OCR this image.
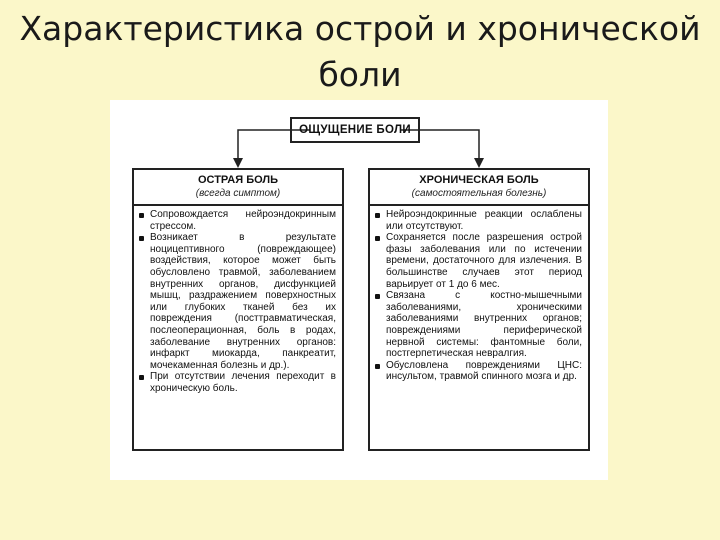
Характеристика острой и хронической
боли
ОЩУЩЕНИЕ БОЛИ
ОСТРАЯ БОЛЬ
(всегда симптом)
Сопровождается нейроэндокринным стрессом.
Возникает в результате ноцицептивного (повреждающее) воздействия, которое может быть обусловлено травмой, заболеванием внутренних органов, дисфункцией мышц, раздражением поверхностных или глубоких тканей без их повреждения (посттравматическая, послеоперационная, боль в родах, заболевание внутренних органов: инфаркт миокарда, панкреатит, мочекаменная болезнь и др.).
При отсутствии лечения переходит в хроническую боль.
ХРОНИЧЕСКАЯ БОЛЬ
(самостоятельная болезнь)
Нейроэндокринные реакции ослаблены или отсутствуют.
Сохраняется после разрешения острой фазы заболевания или по истечении времени, достаточного для излечения. В большинстве случаев этот период варьирует от 1 до 6 мес.
Связана с костно-мышечными заболеваниями, хроническими заболеваниями внутренних органов; повреждениями периферической нервной системы: фантомные боли, постгерпетическая невралгия.
Обусловлена повреждениями ЦНС: инсультом, травмой спинного мозга и др.
